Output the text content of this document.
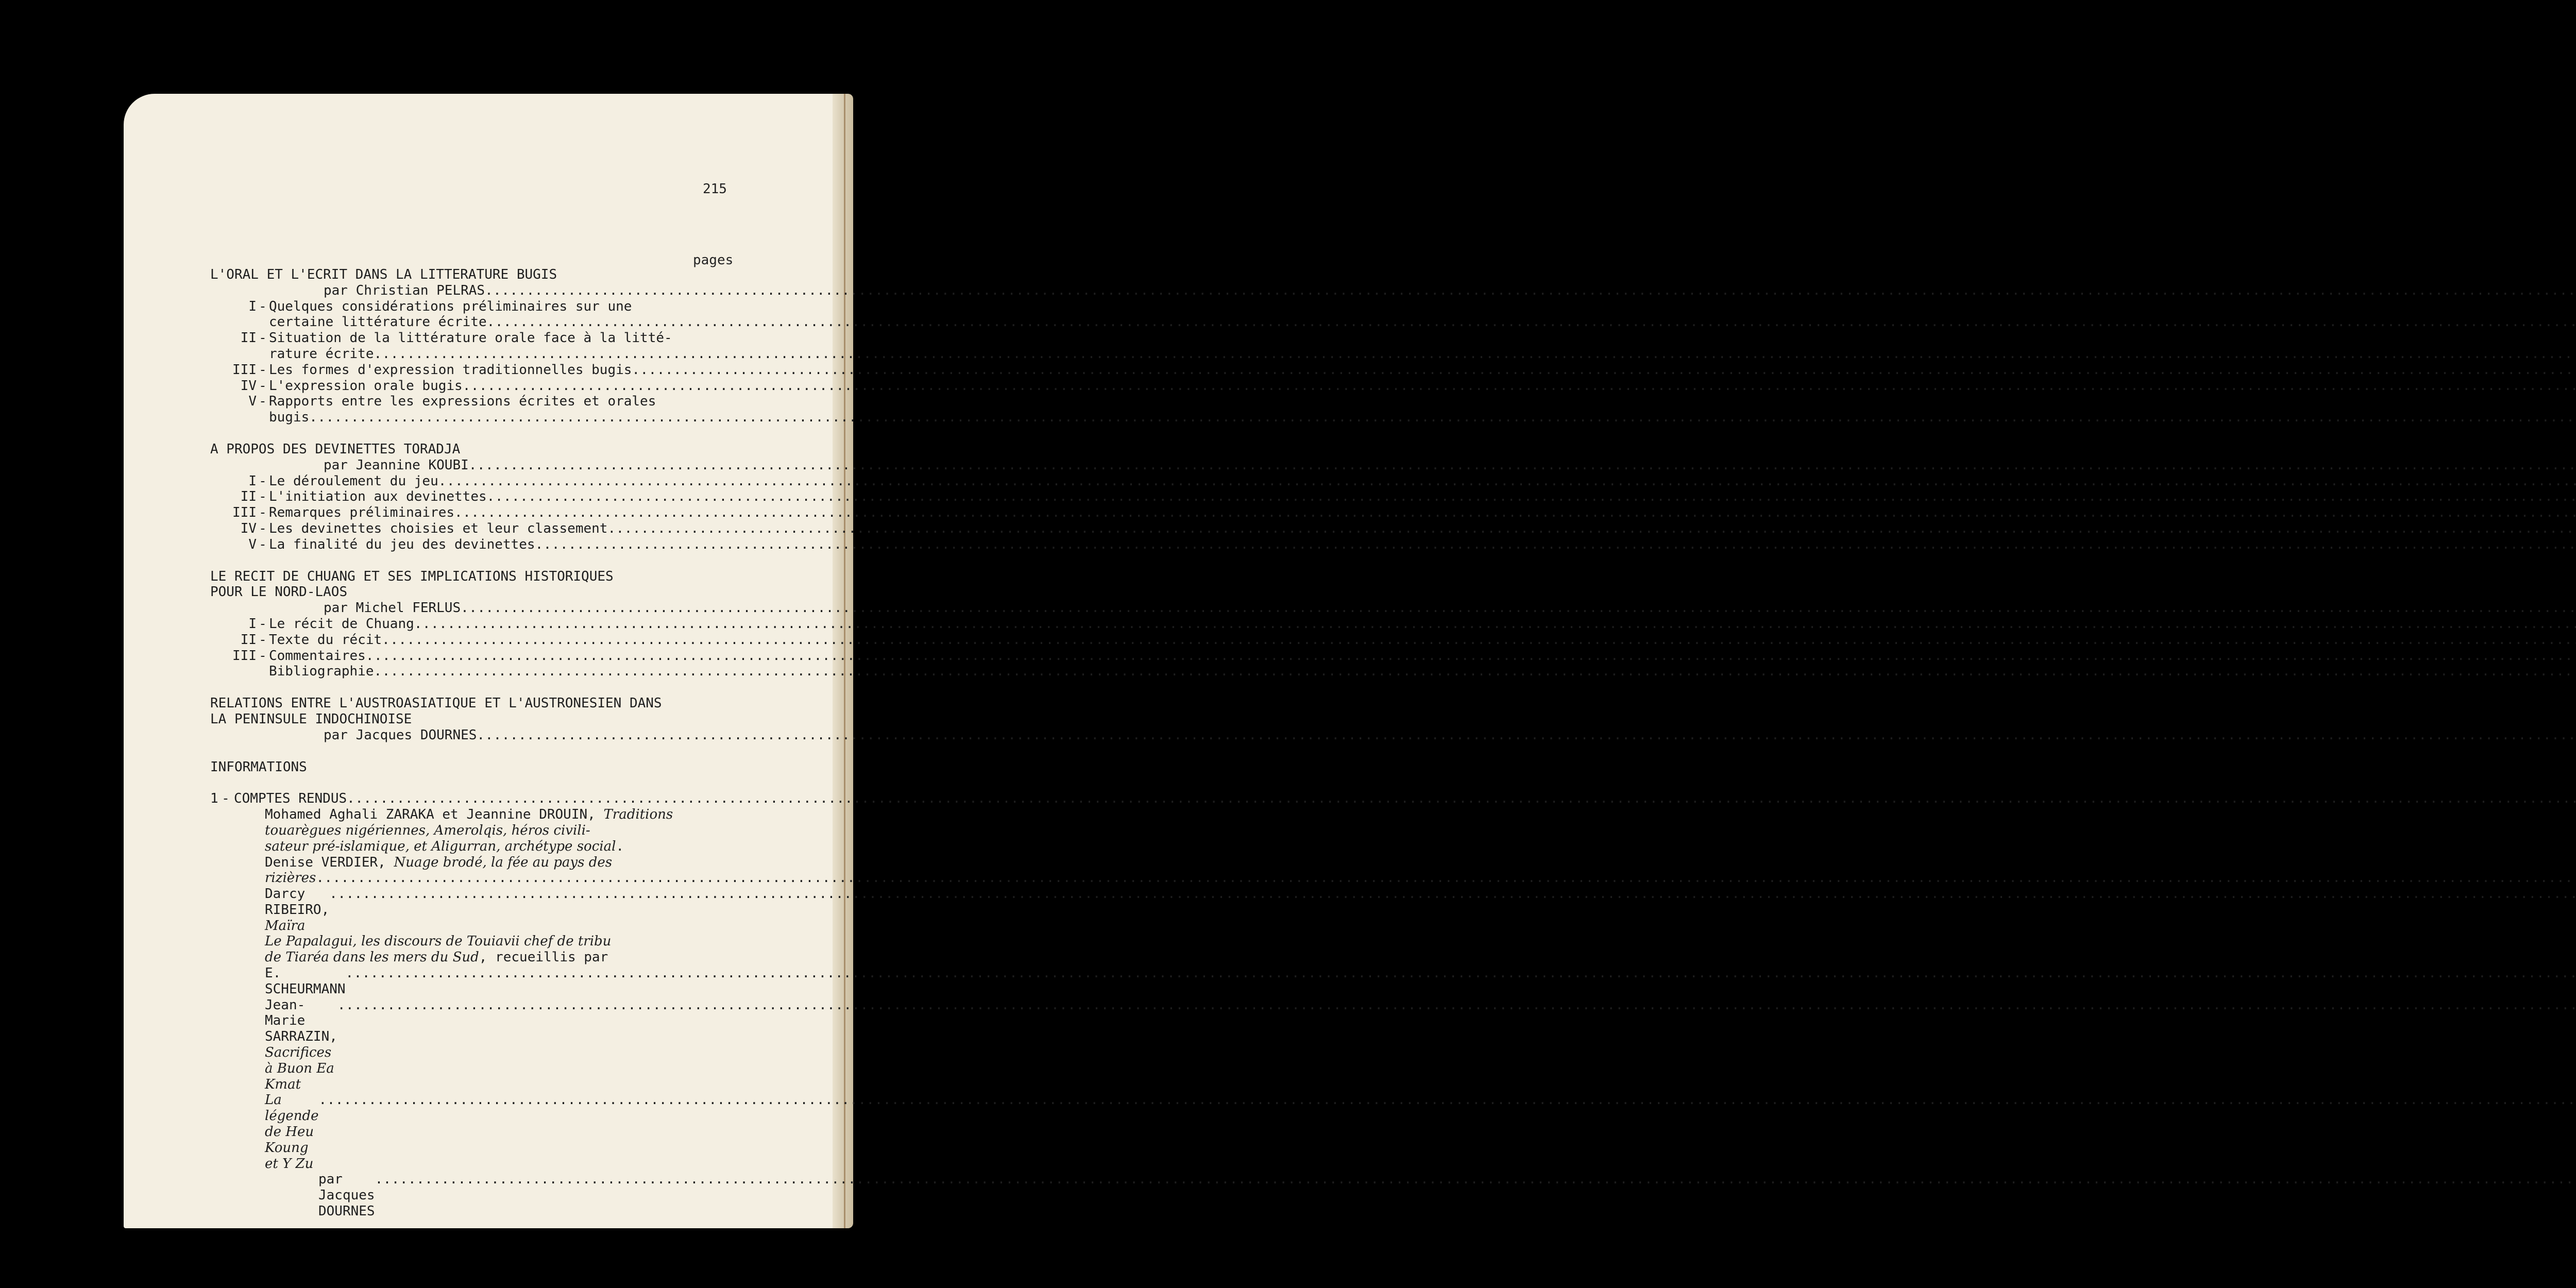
215
pages
L'ORAL ET L'ECRIT DANS LA LITTERATURE BUGIS
par Christian PELRAS
. . .
I - Quelques considérations préliminaires sur une
certaine littérature écrite
. . .
II - Situation de la littérature orale face à la litté-
rature écrite
. . .
III - Les formes d'expression traditionnelles bugis
. . .
IV - L'expression orale bugis
. . .
V - Rapports entre les expressions écrites et orales
bugis
. . .
A PROPOS DES DEVINETTES TORADJA
par Jeannine KOUBI
. . .
I - Le déroulement du jeu
. . .
II - L'initiation aux devinettes
. . .
III - Remarques préliminaires
. . .
IV - Les devinettes choisies et leur classement
. . .
V - La finalité du jeu des devinettes
. . .
LE RECIT DE CHUANG ET SES IMPLICATIONS HISTORIQUES
POUR LE NORD-LAOS
par Michel FERLUS
. . .
I - Le récit de Chuang
. . .
II - Texte du récit
. . .
III - Commentaires
. . .
Bibliographie
. . .
RELATIONS ENTRE L'AUSTROASIATIQUE ET L'AUSTRONESIEN DANS
LA PENINSULE INDOCHINOISE
par Jacques DOURNES
. . .
INFORMATIONS
1 - COMPTES RENDUS
. . .
Mohamed Aghali ZARAKA et Jeannine DROUIN, Traditions
touarègues nigériennes, Amerolqis, héros civili-
sateur pré-islamique, et Aligurran, archétype social.
Denise VERDIER, Nuage brodé, la fée au pays des
rizières
. . .
Darcy RIBEIRO, Maïra
. . .
Le Papalagui, les discours de Touiavii chef de tribu
de Tiaréa dans les mers du Sud, recueillis par
E. SCHEURMANN
. . .
Jean-Marie SARRAZIN, Sacrifices à Buon Ea Kmat
. . .
La légende de Heu Koung et Y Zu
. . .
par Jacques DOURNES
. . .
